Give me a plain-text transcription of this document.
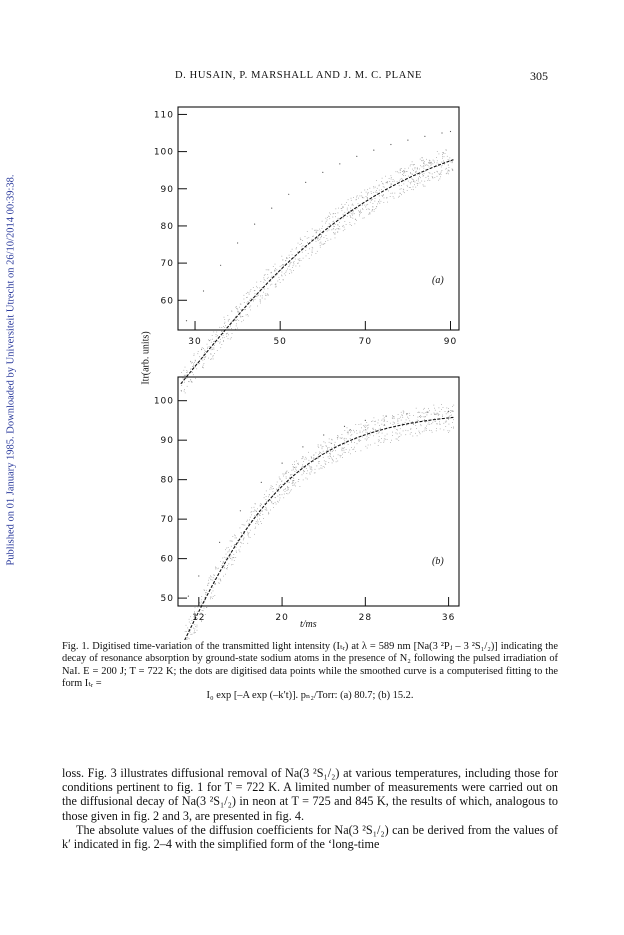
Published on 01 January 1985. Downloaded by Universiteit Utrecht on 26/10/2014 00:39:38.
D. HUSAIN, P. MARSHALL AND J. M. C. PLANE	305
110
100
90
80
70
60
30	50	70	90
(a)
100
90
80
70
60
50
12	20	28	36
(b)
Itr(arb. units)
t/ms
Fig. 1. Digitised time-variation of the transmitted light intensity (Iₜᵣ) at λ = 589 nm [Na(3 ²Pⱼ – 3 ²S₁/₂)] indicating the decay of resonance absorption by ground-state sodium atoms in the presence of N₂ following the pulsed irradiation of NaI. E = 200 J; T = 722 K; the dots are digitised data points while the smoothed curve is a computerised fitting to the form Iₜᵣ =
I₀ exp [–A exp (–k′t)]. pₙ₂/Torr: (a) 80.7; (b) 15.2.

loss. Fig. 3 illustrates diffusional removal of Na(3 ²S₁/₂) at various temperatures, including those for conditions pertinent to fig. 1 for T = 722 K. A limited number of measurements were carried out on the diffusional decay of Na(3 ²S₁/₂) in neon at T = 725 and 845 K, the results of which, analogous to those given in fig. 2 and 3, are presented in fig. 4.

The absolute values of the diffusion coefficients for Na(3 ²S₁/₂) can be derived from the values of k′ indicated in fig. 2–4 with the simplified form of the ‘long-time
